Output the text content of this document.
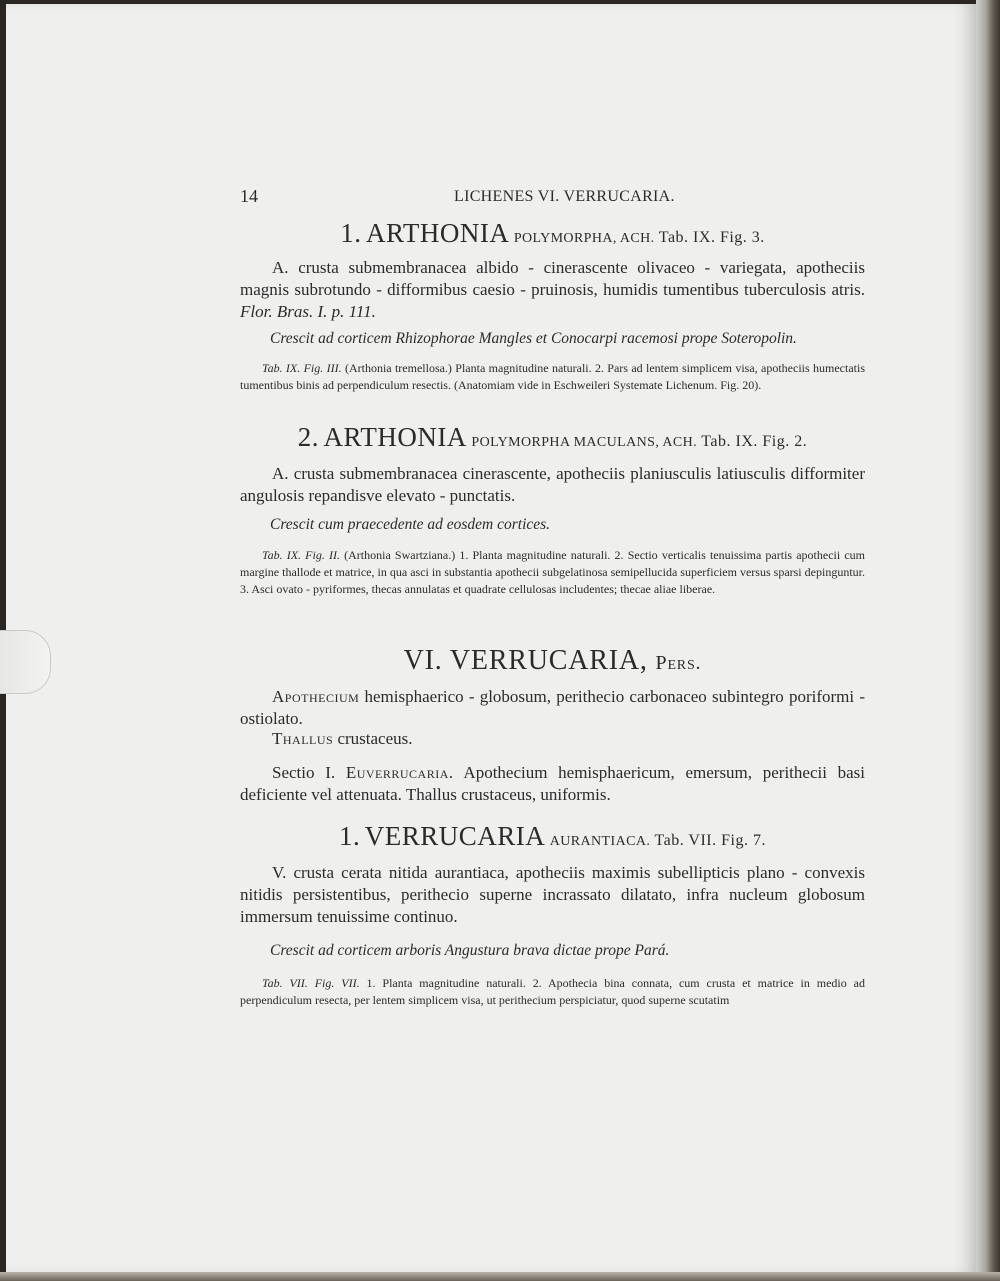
14	LICHENES VI. VERRUCARIA.
1. ARTHONIA POLYMORPHA, ACH. Tab. IX. Fig. 3.

A. crusta submembranacea albido - cinerascente olivaceo - variegata, apotheciis magnis subrotundo - difformibus caesio - pruinosis, humidis tumentibus tuberculosis atris. Flor. Bras. I. p. 111.

Crescit ad corticem Rhizophorae Mangles et Conocarpi racemosi prope Soteropolin.

Tab. IX. Fig. III. (Arthonia tremellosa.) Planta magnitudine naturali. 2. Pars ad lentem simplicem visa, apotheciis humectatis tumentibus binis ad perpendiculum resectis. (Anatomiam vide in Eschweileri Systemate Lichenum. Fig. 20).

2. ARTHONIA POLYMORPHA MACULANS, ACH. Tab. IX. Fig. 2.

A. crusta submembranacea cinerascente, apotheciis planiusculis latiusculis difformiter angulosis repandisve elevato - punctatis.

Crescit cum praecedente ad eosdem cortices.

Tab. IX. Fig. II. (Arthonia Swartziana.) 1. Planta magnitudine naturali. 2. Sectio verticalis tenuissima partis apothecii cum margine thallode et matrice, in qua asci in substantia apothecii subgelatinosa semipellucida superficiem versus sparsi depinguntur. 3. Asci ovato - pyriformes, thecas annulatas et quadrate cellulosas includentes; thecae aliae liberae.

VI. VERRUCARIA, Pers.

Apothecium hemisphaerico - globosum, perithecio carbonaceo subintegro poriformi - ostiolato.

Thallus crustaceus.

Sectio I. Euverrucaria. Apothecium hemisphaericum, emersum, perithecii basi deficiente vel attenuata. Thallus crustaceus, uniformis.

1. VERRUCARIA AURANTIACA. Tab. VII. Fig. 7.

V. crusta cerata nitida aurantiaca, apotheciis maximis subellipticis plano - convexis nitidis persistentibus, perithecio superne incrassato dilatato, infra nucleum globosum immersum tenuissime continuo.

Crescit ad corticem arboris Angustura brava dictae prope Pará.

Tab. VII. Fig. VII. 1. Planta magnitudine naturali. 2. Apothecia bina connata, cum crusta et matrice in medio ad perpendiculum resecta, per lentem simplicem visa, ut perithecium perspiciatur, quod superne scutatim
